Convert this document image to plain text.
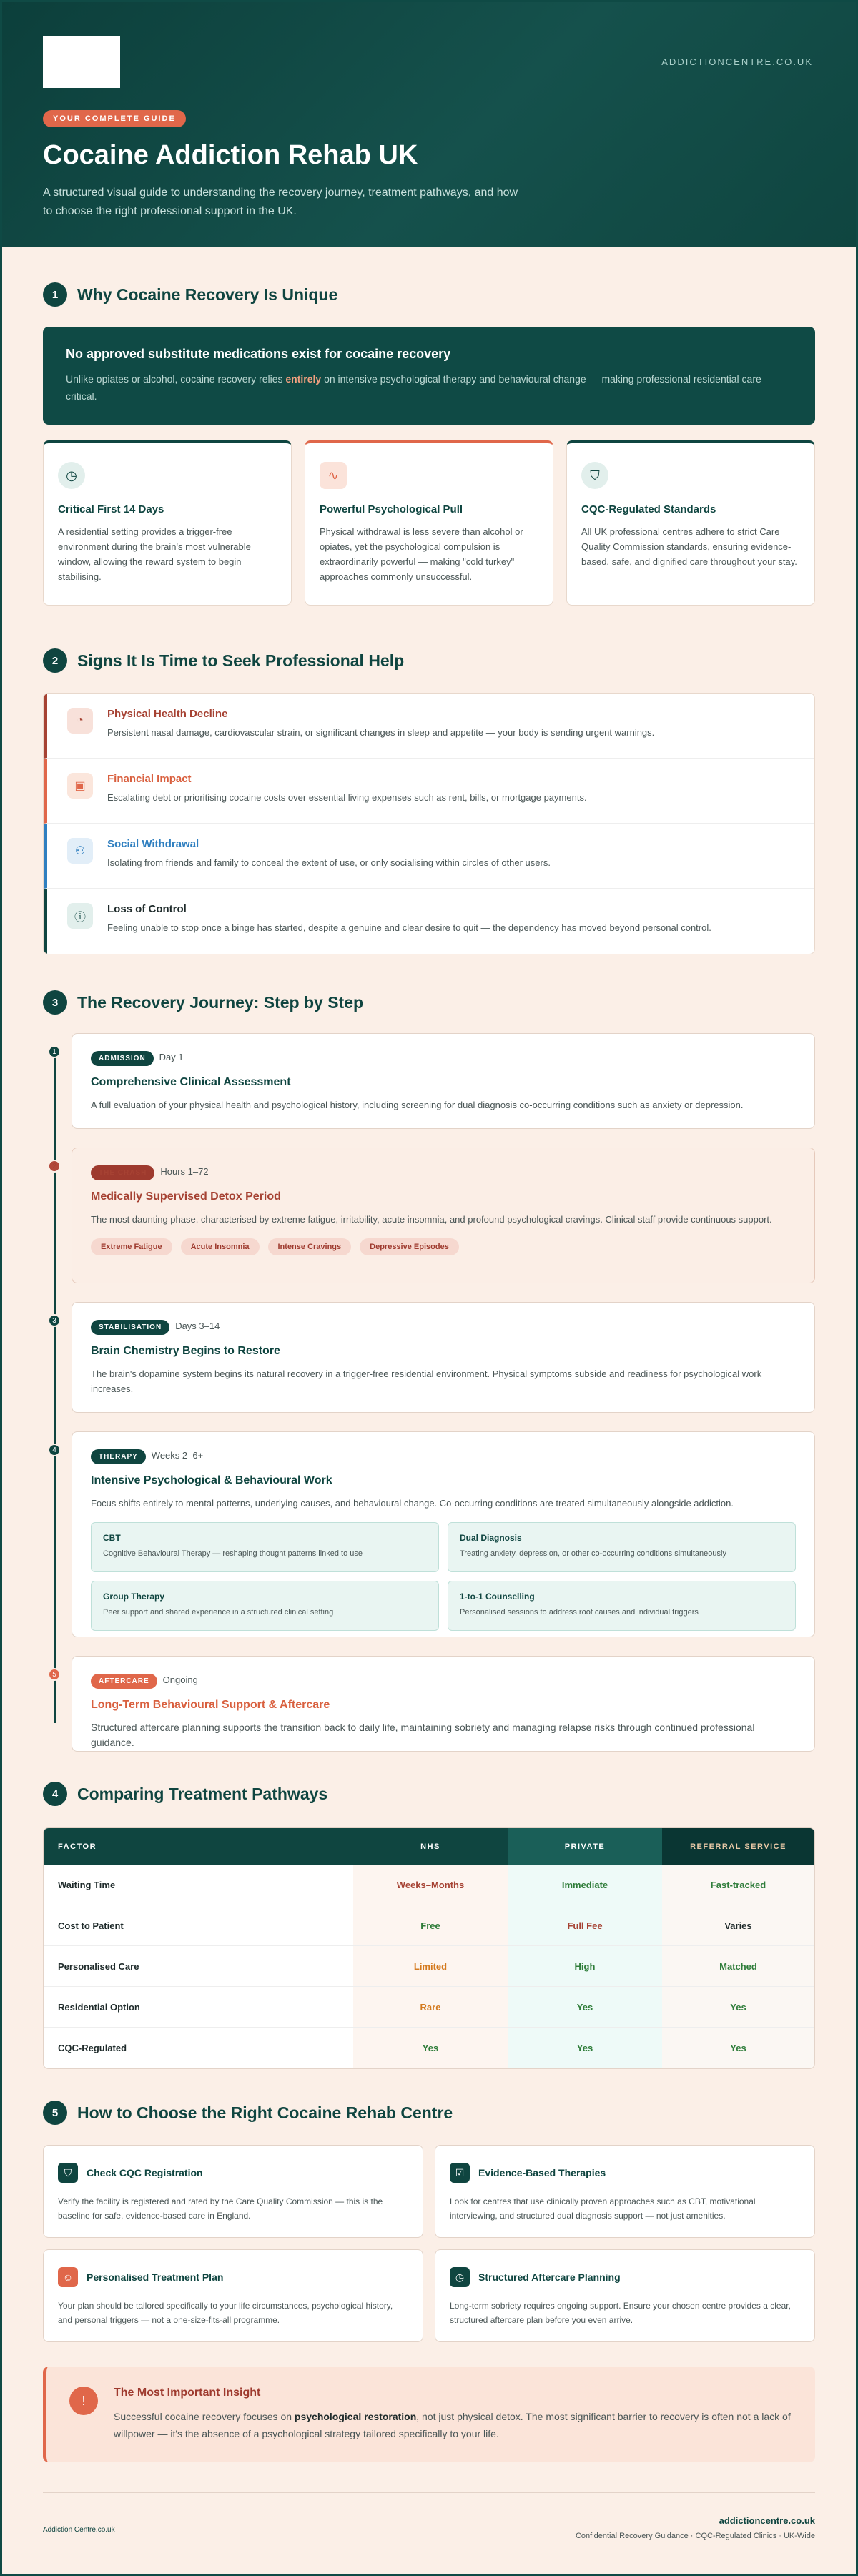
ADDICTIONCENTRE.CO.UK
YOUR COMPLETE GUIDE
Cocaine Addiction Rehab UK

A structured visual guide to understanding the recovery journey, treatment pathways, and how to choose the right professional support in the UK.

1	Why Cocaine Recovery Is Unique
No approved substitute medications exist for cocaine recovery

Unlike opiates or alcohol, cocaine recovery relies entirely on intensive psychological therapy and behavioural change — making professional residential care critical.

◷
Critical First 14 Days

A residential setting provides a trigger-free environment during the brain's most vulnerable window, allowing the reward system to begin stabilising.

∿
Powerful Psychological Pull

Physical withdrawal is less severe than alcohol or opiates, yet the psychological compulsion is extraordinarily powerful — making "cold turkey" approaches commonly unsuccessful.

⛉
CQC-Regulated Standards

All UK professional centres adhere to strict Care Quality Commission standards, ensuring evidence-based, safe, and dignified care throughout your stay.

2	Signs It Is Time to Seek Professional Help
◔
Physical Health Decline

Persistent nasal damage, cardiovascular strain, or significant changes in sleep and appetite — your body is sending urgent warnings.

▣
Financial Impact

Escalating debt or prioritising cocaine costs over essential living expenses such as rent, bills, or mortgage payments.

⚇
Social Withdrawal

Isolating from friends and family to conceal the extent of use, or only socialising within circles of other users.

ⓘ
Loss of Control

Feeling unable to stop once a binge has started, despite a genuine and clear desire to quit — the dependency has moved beyond personal control.

3	The Recovery Journey: Step by Step
1
ADMISSION Day 1
Comprehensive Clinical Assessment

A full evaluation of your physical health and psychological history, including screening for dual diagnosis co-occurring conditions such as anxiety or depression.

2
THE CRASH Hours 1–72
Medically Supervised Detox Period

The most daunting phase, characterised by extreme fatigue, irritability, acute insomnia, and profound psychological cravings. Clinical staff provide continuous support.

Extreme Fatigue	Acute Insomnia	Intense Cravings	Depressive Episodes
3
STABILISATION Days 3–14
Brain Chemistry Begins to Restore

The brain's dopamine system begins its natural recovery in a trigger-free residential environment. Physical symptoms subside and readiness for psychological work increases.

4
THERAPY Weeks 2–6+
Intensive Psychological & Behavioural Work

Focus shifts entirely to mental patterns, underlying causes, and behavioural change. Co-occurring conditions are treated simultaneously alongside addiction.

CBT

Cognitive Behavioural Therapy — reshaping thought patterns linked to use

Dual Diagnosis

Treating anxiety, depression, or other co-occurring conditions simultaneously

Group Therapy

Peer support and shared experience in a structured clinical setting

1-to-1 Counselling

Personalised sessions to address root causes and individual triggers

5
AFTERCARE Ongoing
Long-Term Behavioural Support & Aftercare

Structured aftercare planning supports the transition back to daily life, maintaining sobriety and managing relapse risks through continued professional guidance.

4	Comparing Treatment Pathways
FACTOR	NHS	PRIVATE	REFERRAL SERVICE
Waiting Time	Weeks–Months	Immediate	Fast-tracked
Cost to Patient	Free	Full Fee	Varies
Personalised Care	Limited	High	Matched
Residential Option	Rare	Yes	Yes
CQC-Regulated	Yes	Yes	Yes
5	How to Choose the Right Cocaine Rehab Centre
⛉	Check CQC Registration

Verify the facility is registered and rated by the Care Quality Commission — this is the baseline for safe, evidence-based care in England.

☑	Evidence-Based Therapies

Look for centres that use clinically proven approaches such as CBT, motivational interviewing, and structured dual diagnosis support — not just amenities.

☺	Personalised Treatment Plan

Your plan should be tailored specifically to your life circumstances, psychological history, and personal triggers — not a one-size-fits-all programme.

◷	Structured Aftercare Planning

Long-term sobriety requires ongoing support. Ensure your chosen centre provides a clear, structured aftercare plan before you even arrive.

!
The Most Important Insight

Successful cocaine recovery focuses on psychological restoration, not just physical detox. The most significant barrier to recovery is often not a lack of willpower — it's the absence of a psychological strategy tailored specifically to your life.

Addiction Centre.co.uk
addictioncentre.co.uk

Confidential Recovery Guidance · CQC-Regulated Clinics · UK-Wide
